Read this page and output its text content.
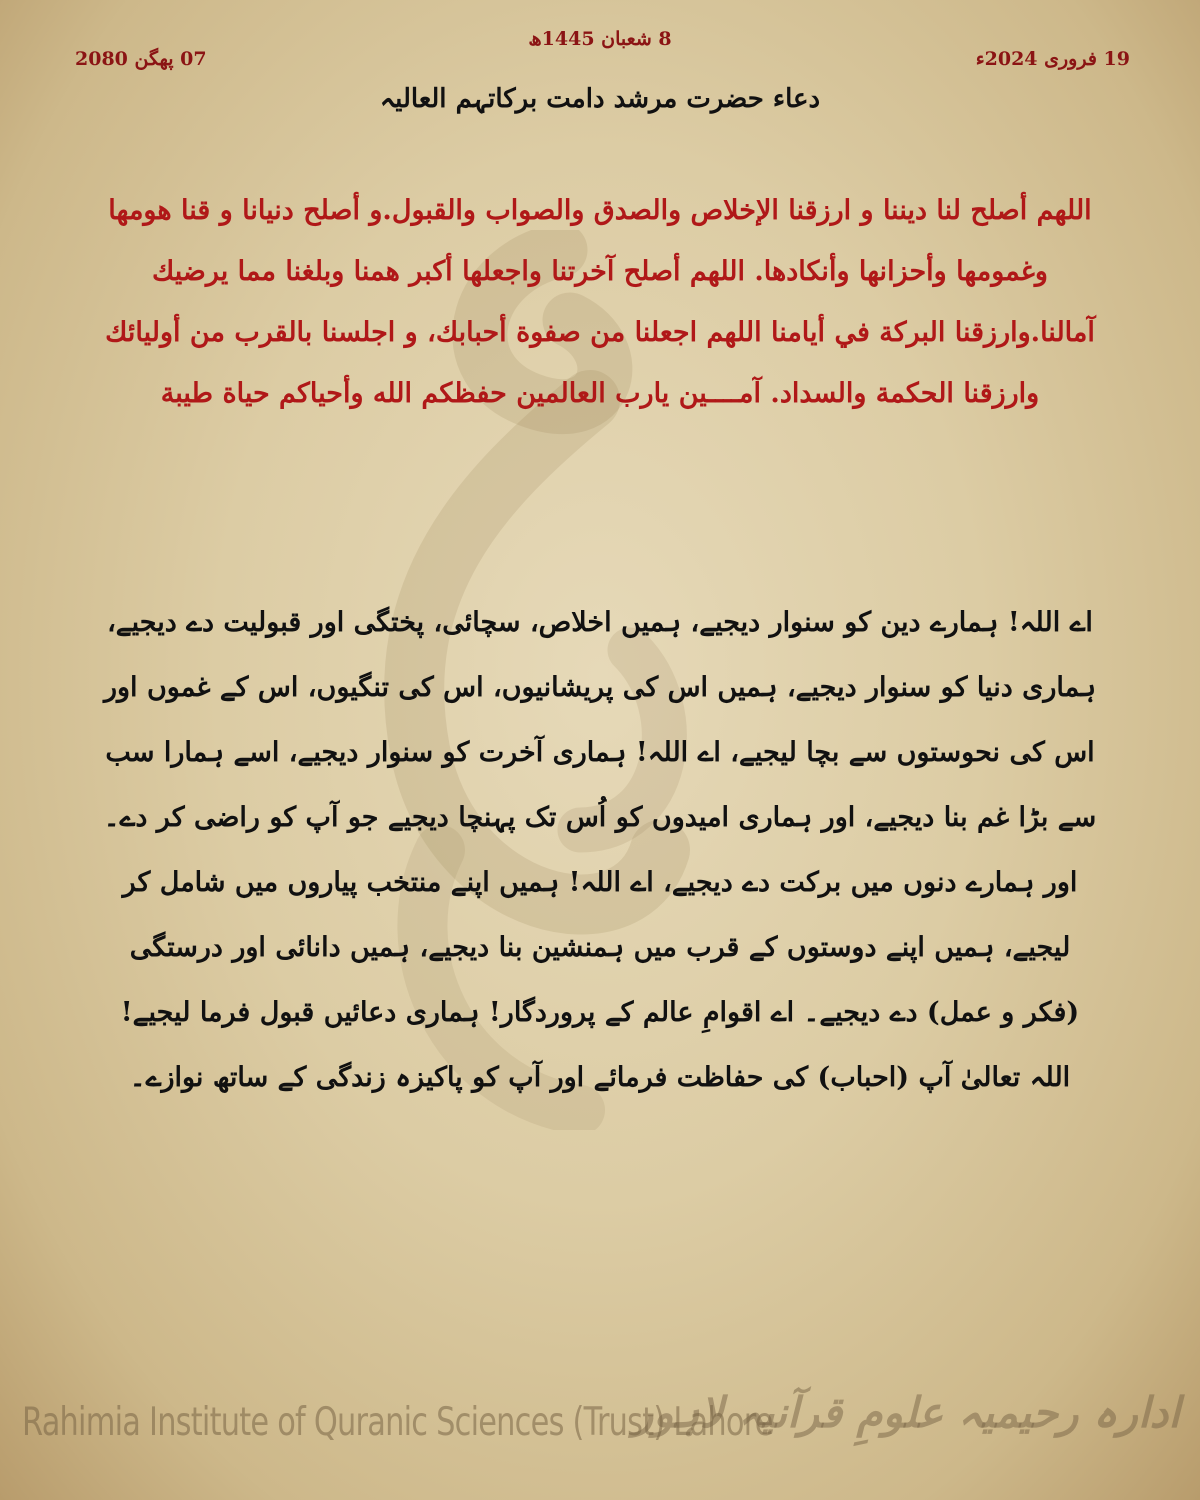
8 شعبان 1445ھ
19 فروری 2024ء
07 پھگن 2080
دعاء حضرت مرشد دامت برکاتہم العالیہ

اللهم أصلح لنا ديننا و ارزقنا الإخلاص والصدق والصواب والقبول.و أصلح دنيانا و قنا هومها وغمومها وأحزانها وأنكادها. اللهم أصلح آخرتنا واجعلها أكبر همنا وبلغنا مما يرضيك آمالنا.وارزقنا البركة في أيامنا اللهم اجعلنا من صفوة أحبابك، و اجلسنا بالقرب من أوليائك وارزقنا الحكمة والسداد. آمــــين يارب العالمين حفظكم الله وأحياكم حياة طيبة

اے اللہ! ہمارے دین کو سنوار دیجیے، ہمیں اخلاص، سچائی، پختگی اور قبولیت دے دیجیے، ہماری دنیا کو سنوار دیجیے، ہمیں اس کی پریشانیوں، اس کی تنگیوں، اس کے غموں اور اس کی نحوستوں سے بچا لیجیے، اے اللہ! ہماری آخرت کو سنوار دیجیے، اسے ہمارا سب سے بڑا غم بنا دیجیے، اور ہماری امیدوں کو اُس تک پہنچا دیجیے جو آپ کو راضی کر دے۔ اور ہمارے دنوں میں برکت دے دیجیے، اے اللہ! ہمیں اپنے منتخب پیاروں میں شامل کر لیجیے، ہمیں اپنے دوستوں کے قرب میں ہمنشین بنا دیجیے، ہمیں دانائی اور درستگی (فکر و عمل) دے دیجیے۔ اے اقوامِ عالم کے پروردگار! ہماری دعائیں قبول فرما لیجیے! اللہ تعالیٰ آپ (احباب) کی حفاظت فرمائے اور آپ کو پاکیزہ زندگی کے ساتھ نوازے۔

Rahimia Institute of Quranic Sciences (Trust) Lahore
ادارہ رحیمیہ علومِ قرآنیہ لاہور
